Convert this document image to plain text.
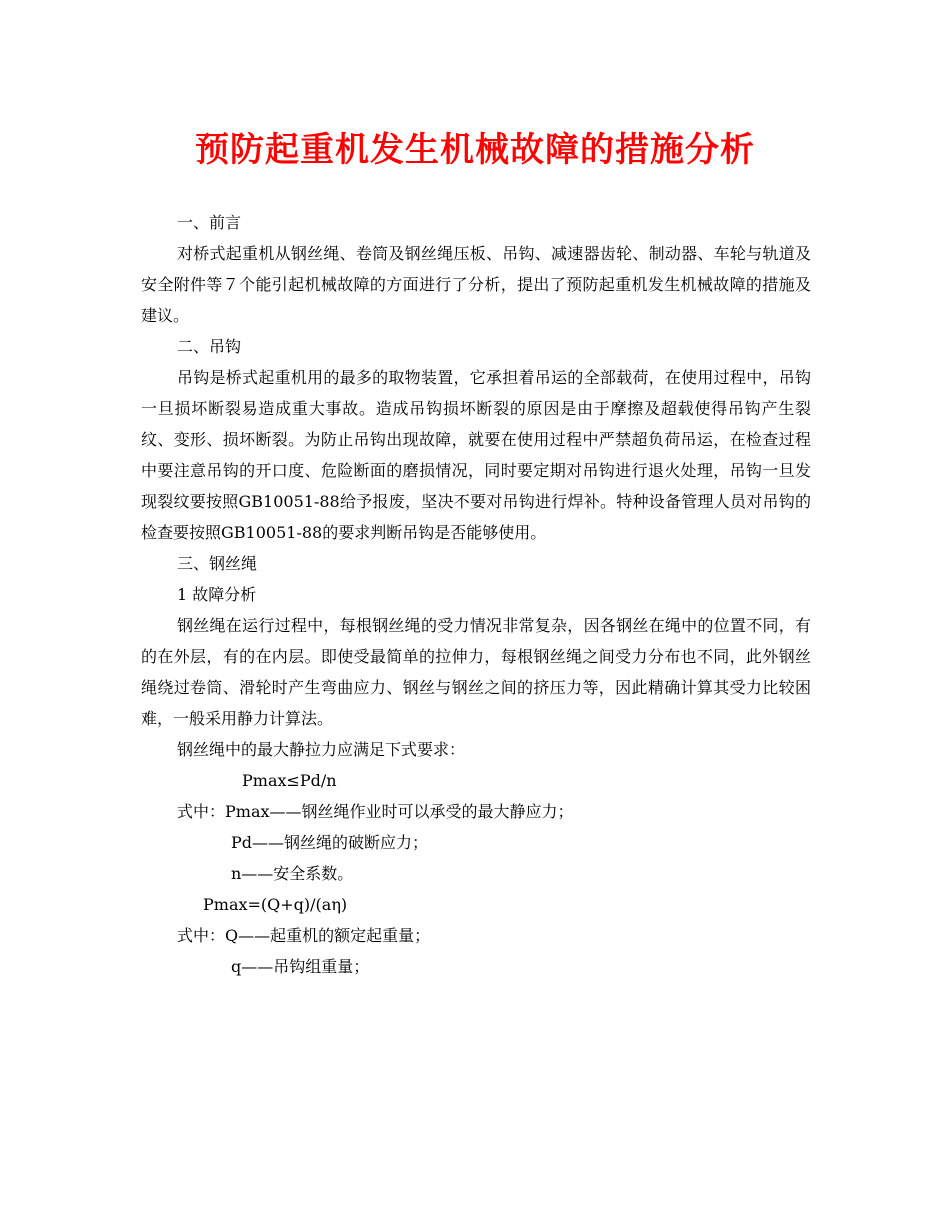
预防起重机发生机械故障的措施分析

一、前言

对桥式起重机从钢丝绳、卷筒及钢丝绳压板、吊钩、减速器齿轮、制动器、车轮与轨道及安全附件等７个能引起机械故障的方面进行了分析，提出了预防起重机发生机械故障的措施及建议。

二、吊钩

吊钩是桥式起重机用的最多的取物装置，它承担着吊运的全部载荷，在使用过程中，吊钩一旦损坏断裂易造成重大事故。造成吊钩损坏断裂的原因是由于摩擦及超载使得吊钩产生裂纹、变形、损坏断裂。为防止吊钩出现故障，就要在使用过程中严禁超负荷吊运，在检查过程中要注意吊钩的开口度、危险断面的磨损情况，同时要定期对吊钩进行退火处理，吊钩一旦发现裂纹要按照GB10051-88给予报废，坚决不要对吊钩进行焊补。特种设备管理人员对吊钩的检查要按照GB10051-88的要求判断吊钩是否能够使用。

三、钢丝绳

1 故障分析

钢丝绳在运行过程中，每根钢丝绳的受力情况非常复杂，因各钢丝在绳中的位置不同，有的在外层，有的在内层。即使受最简单的拉伸力，每根钢丝绳之间受力分布也不同，此外钢丝绳绕过卷筒、滑轮时产生弯曲应力、钢丝与钢丝之间的挤压力等，因此精确计算其受力比较困难，一般采用静力计算法。

钢丝绳中的最大静拉力应满足下式要求：

Pmax≤Pd/n

式中：Pmax——钢丝绳作业时可以承受的最大静应力；

Pd——钢丝绳的破断应力；

n——安全系数。

Pmax=(Q+q)/(aη)

式中：Q——起重机的额定起重量；

q——吊钩组重量；
